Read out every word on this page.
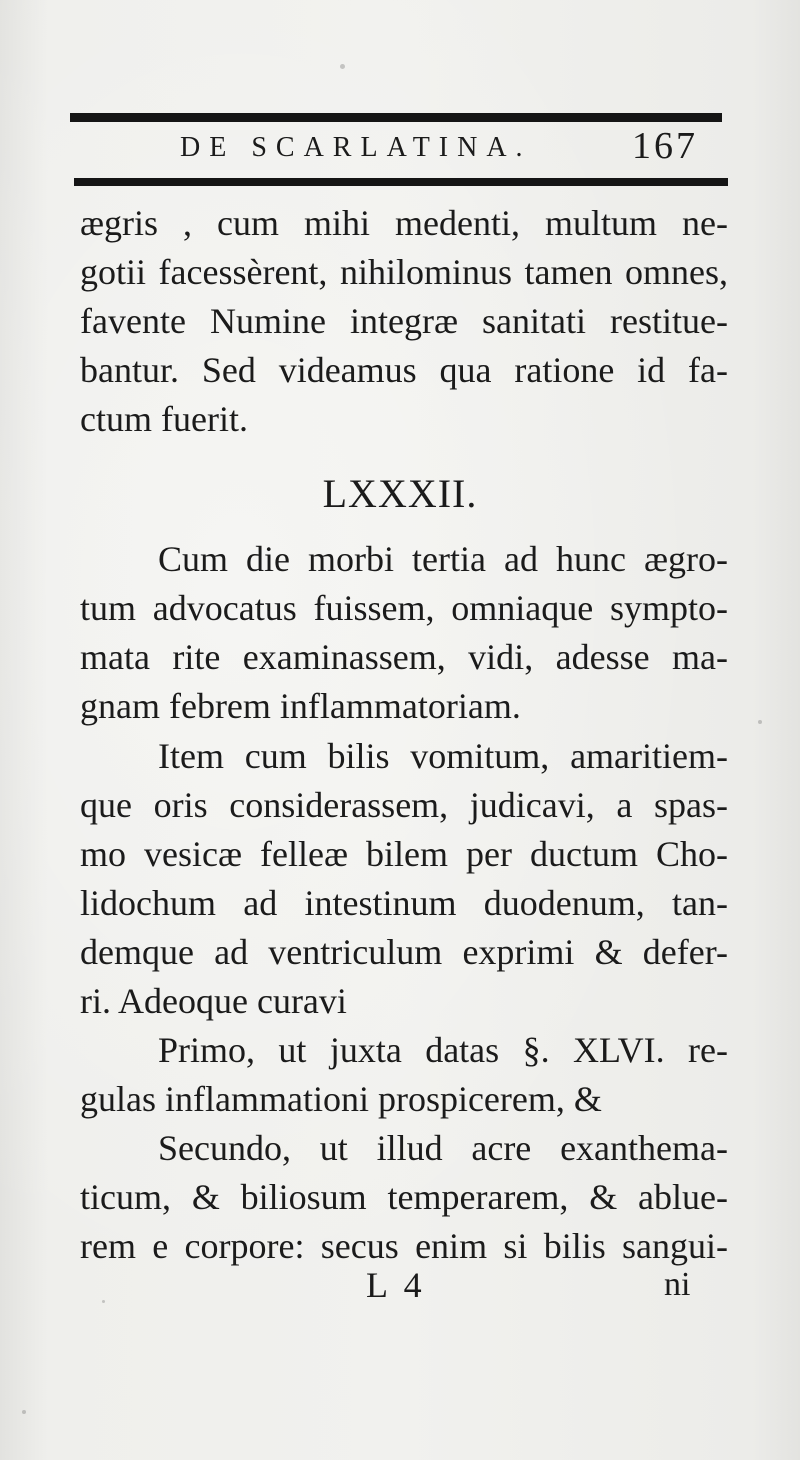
DE SCARLATINA.	167
ægris , cum mihi medenti, multum ne-
gotii facessèrent, nihilominus tamen omnes,
favente Numine integræ sanitati restitue-
bantur. Sed videamus qua ratione id fa-
ctum fuerit.
LXXXII.
Cum die morbi tertia ad hunc ægro-
tum advocatus fuissem, omniaque sympto-
mata rite examinassem, vidi, adesse ma-
gnam febrem inflammatoriam.
Item cum bilis vomitum, amaritiem-
que oris considerassem, judicavi, a spas-
mo vesicæ felleæ bilem per ductum Cho-
lidochum ad intestinum duodenum, tan-
demque ad ventriculum exprimi & defer-
ri. Adeoque curavi
Primo, ut juxta datas §. XLVI. re-
gulas inflammationi prospicerem, &
Secundo, ut illud acre exanthema-
ticum, & biliosum temperarem, & ablue-
rem e corpore: secus enim si bilis sangui-
L 4	ni
